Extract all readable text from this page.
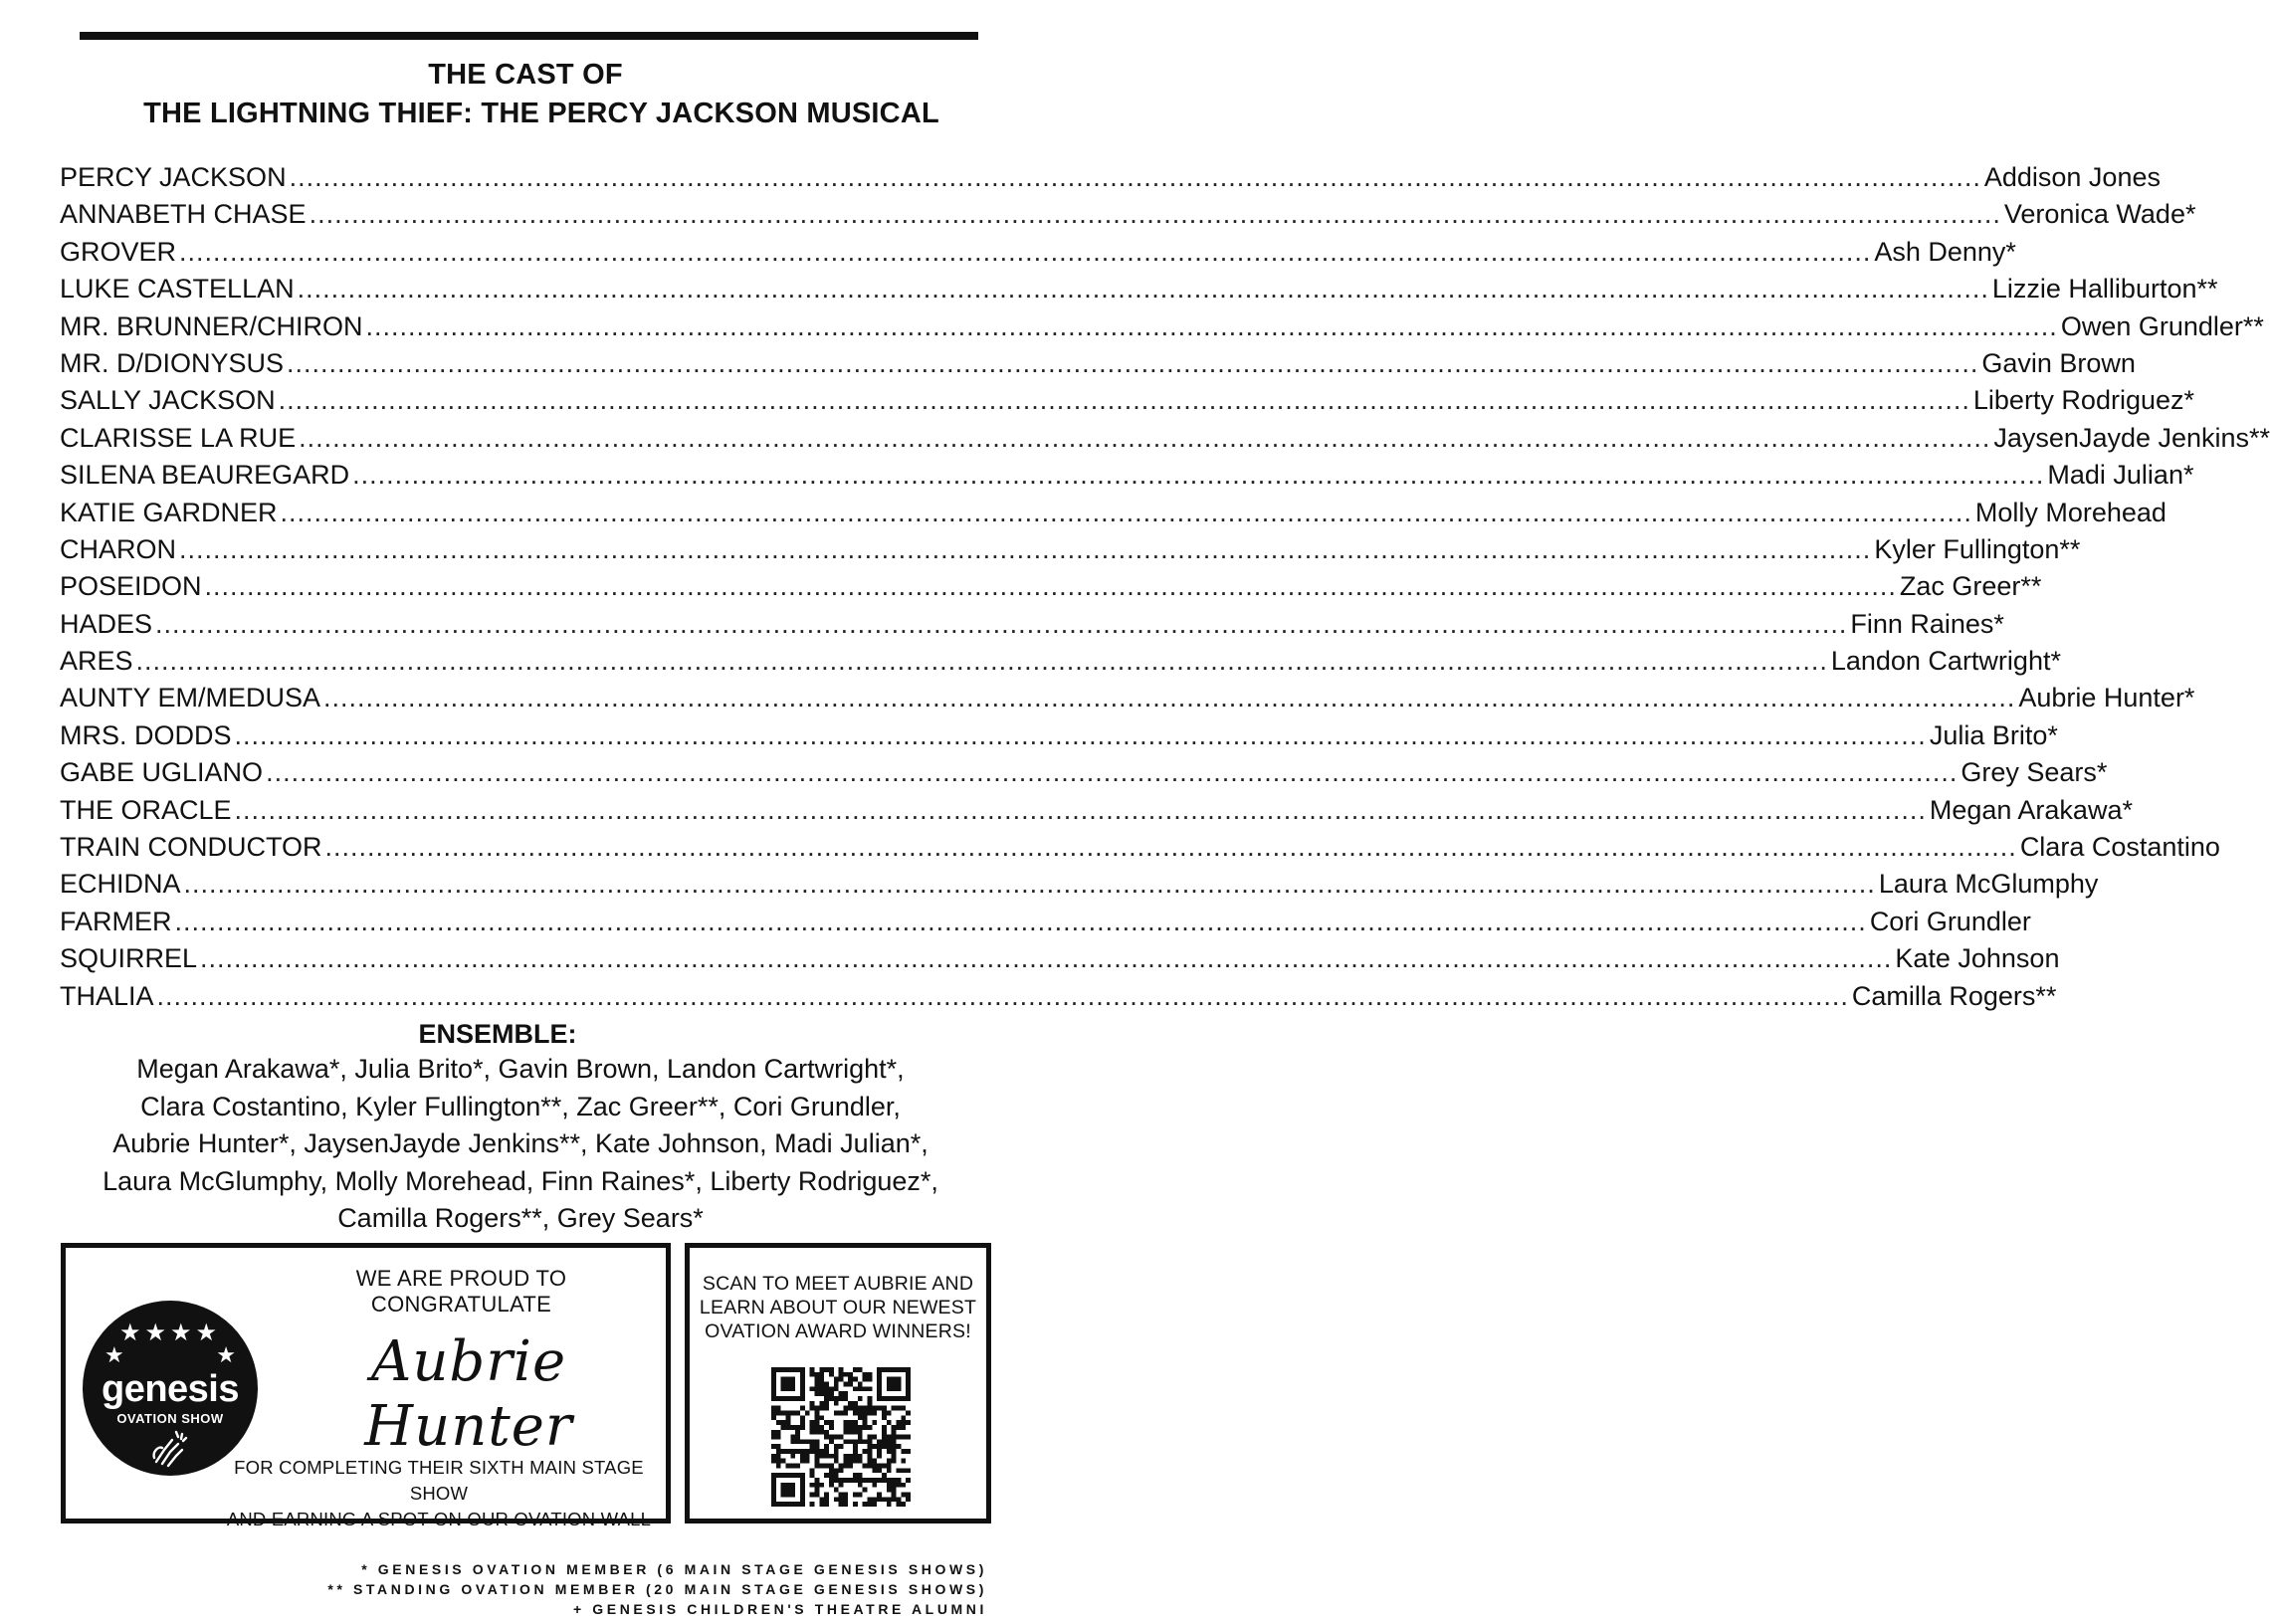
THE CAST OF
THE LIGHTNING THIEF: THE PERCY JACKSON MUSICAL
PERCY JACKSON ........................................................................................................................................................................................................ Addison Jones
ANNABETH CHASE ........................................................................................................................................................................................................ Veronica Wade*
GROVER ........................................................................................................................................................................................................ Ash Denny*
LUKE CASTELLAN ........................................................................................................................................................................................................ Lizzie Halliburton**
MR. BRUNNER/CHIRON ........................................................................................................................................................................................................ Owen Grundler**
MR. D/DIONYSUS ........................................................................................................................................................................................................ Gavin Brown
SALLY JACKSON ........................................................................................................................................................................................................ Liberty Rodriguez*
CLARISSE LA RUE ........................................................................................................................................................................................................ JaysenJayde Jenkins**
SILENA BEAUREGARD ........................................................................................................................................................................................................ Madi Julian*
KATIE GARDNER ........................................................................................................................................................................................................ Molly Morehead
CHARON ........................................................................................................................................................................................................ Kyler Fullington**
POSEIDON ........................................................................................................................................................................................................ Zac Greer**
HADES ........................................................................................................................................................................................................ Finn Raines*
ARES ........................................................................................................................................................................................................ Landon Cartwright*
AUNTY EM/MEDUSA ........................................................................................................................................................................................................ Aubrie Hunter*
MRS. DODDS ........................................................................................................................................................................................................ Julia Brito*
GABE UGLIANO ........................................................................................................................................................................................................ Grey Sears*
THE ORACLE ........................................................................................................................................................................................................ Megan Arakawa*
TRAIN CONDUCTOR ........................................................................................................................................................................................................ Clara Costantino
ECHIDNA ........................................................................................................................................................................................................ Laura McGlumphy
FARMER ........................................................................................................................................................................................................ Cori Grundler
SQUIRREL ........................................................................................................................................................................................................ Kate Johnson
THALIA ........................................................................................................................................................................................................ Camilla Rogers**
ENSEMBLE:
Megan Arakawa*, Julia Brito*, Gavin Brown, Landon Cartwright*,
Clara Costantino, Kyler Fullington**, Zac Greer**, Cori Grundler,
Aubrie Hunter*, JaysenJayde Jenkins**, Kate Johnson, Madi Julian*,
Laura McGlumphy, Molly Morehead, Finn Raines*, Liberty Rodriguez*,
Camilla Rogers**, Grey Sears*
WE ARE PROUD TO CONGRATULATE
★★★★
★	★
genesis
OVATION SHOW
Aubrie Hunter
FOR COMPLETING THEIR SIXTH MAIN STAGE SHOW
AND EARNING A SPOT ON OUR OVATION WALL
SCAN TO MEET AUBRIE AND
LEARN ABOUT OUR NEWEST
OVATION AWARD WINNERS!
* GENESIS OVATION MEMBER (6 MAIN STAGE GENESIS SHOWS)
** STANDING OVATION MEMBER (20 MAIN STAGE GENESIS SHOWS)
+ GENESIS CHILDREN'S THEATRE ALUMNI
